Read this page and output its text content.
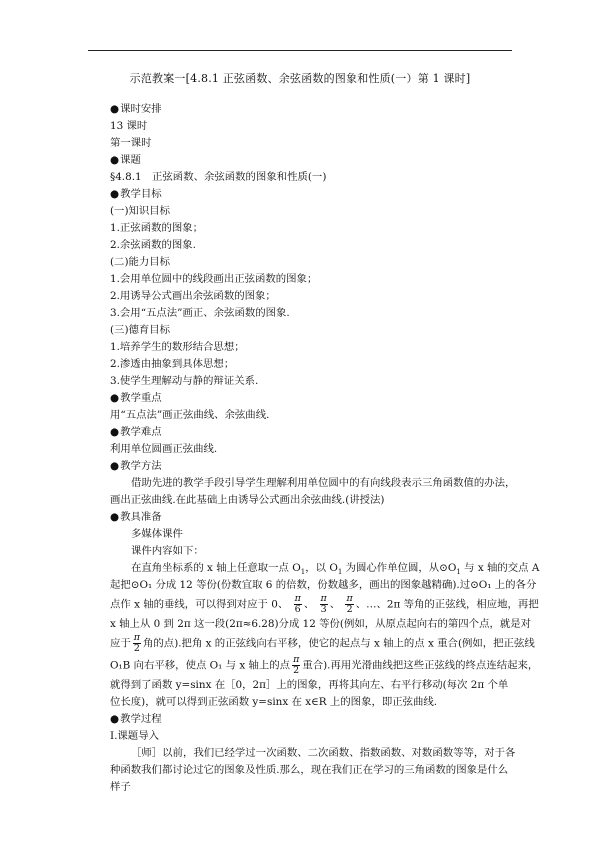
示范教案一[4.8.1 正弦函数、余弦函数的图象和性质(一）第 1 课时]
● 课时安排
13 课时
第一课时
● 课题
§4.8.1　正弦函数、余弦函数的图象和性质(一)
● 教学目标
(一)知识目标
1.正弦函数的图象；
2.余弦函数的图象.
(二)能力目标
1.会用单位圆中的线段画出正弦函数的图象；
2.用诱导公式画出余弦函数的图象；
3.会用“五点法”画正、余弦函数的图象.
(三)德育目标
1.培养学生的数形结合思想；
2.渗透由抽象到具体思想；
3.使学生理解动与静的辩证关系.
● 教学重点
用“五点法”画正弦曲线、余弦曲线.
● 教学难点
利用单位圆画正弦曲线.
● 教学方法
借助先进的教学手段引导学生理解利用单位圆中的有向线段表示三角函数值的办法，画出正弦曲线.在此基础上由诱导公式画出余弦曲线.(讲授法)
● 教具准备
多媒体课件
课件内容如下：
在直角坐标系的 x 轴上任意取一点 $O_1$，以 $O_1$ 为圆心作单位圆，从$⊙O_1$ 与 x 轴的交点 A
起把⊙O₁ 分成 12 等份(份数宜取 6 的倍数，份数越多，画出的图象越精确).过⊙O₁ 上的各分
点作 x 轴的垂线，可以得到对应于 0、 $\frac{\pi}{6}$ 、 $\frac{\pi}{3}$ 、 $\frac{\pi}{2}$ 、…、2π 等角的正弦线，相应地，再把
x 轴上从 0 到 2π 这一段(2π≈6.28)分成 12 等份(例如，从原点起向右的第四个点，就是对
应于 $\frac{\pi}{2}$ 角的点).把角 x 的正弦线向右平移，使它的起点与 x 轴上的点 x 重合(例如，把正弦线
O₁B 向右平移，使点 O₁ 与 x 轴上的点 $\frac{\pi}{2}$ 重合).再用光滑曲线把这些正弦线的终点连结起来，
就得到了函数 y=sinx 在［0，2π］上的图象，再将其向左、右平行移动(每次 2π 个单位长度)，就可以得到正弦函数 y=sinx 在 x∈R 上的图象，即正弦曲线.
● 教学过程
Ⅰ.课题导入
［师］以前，我们已经学过一次函数、二次函数、指数函数、对数函数等等，对于各种函数我们都讨论过它的图象及性质.那么，现在我们正在学习的三角函数的图象是什么样子
